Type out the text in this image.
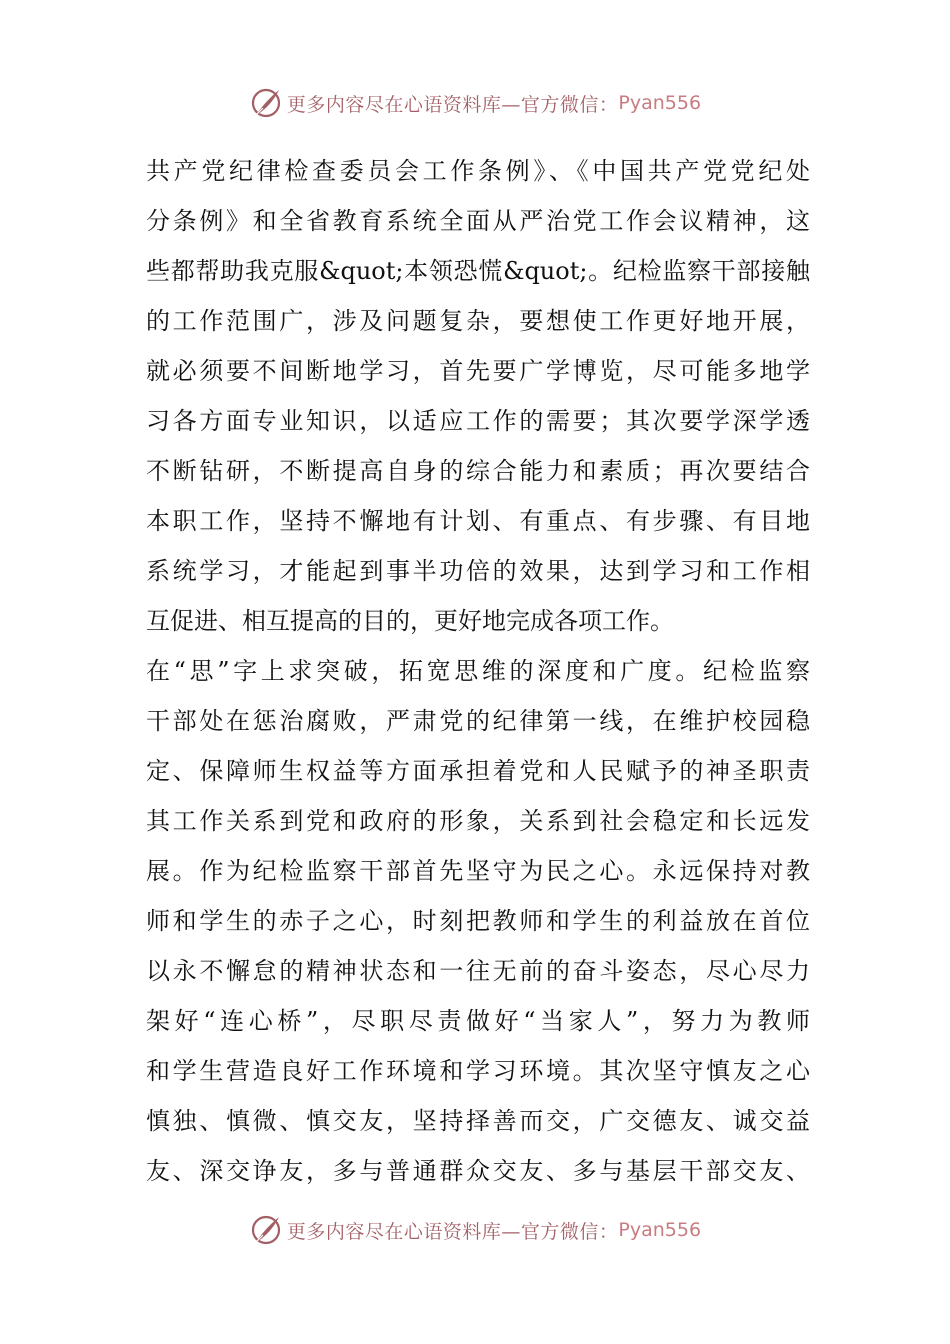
更多内容尽在心语资料库—官方微信： Pyan556
共产党纪律检查委员会工作条例》、《中国共产党党纪处
分条例》和全省教育系统全面从严治党工作会议精神，这
些都帮助我克服&quot;本领恐慌&quot;。纪检监察干部接触
的工作范围广，涉及问题复杂，要想使工作更好地开展，
就必须要不间断地学习，首先要广学博览，尽可能多地学
习各方面专业知识，以适应工作的需要；其次要学深学透
不断钻研，不断提高自身的综合能力和素质；再次要结合
本职工作，坚持不懈地有计划、有重点、有步骤、有目地
系统学习，才能起到事半功倍的效果，达到学习和工作相
互促进、相互提高的目的，更好地完成各项工作。
在“思”字上求突破，拓宽思维的深度和广度。纪检监察
干部处在惩治腐败，严肃党的纪律第一线，在维护校园稳
定、保障师生权益等方面承担着党和人民赋予的神圣职责
其工作关系到党和政府的形象，关系到社会稳定和长远发
展。作为纪检监察干部首先坚守为民之心。永远保持对教
师和学生的赤子之心，时刻把教师和学生的利益放在首位
以永不懈怠的精神状态和一往无前的奋斗姿态，尽心尽力
架好“连心桥”，尽职尽责做好“当家人”，努力为教师
和学生营造良好工作环境和学习环境。其次坚守慎友之心
慎独、慎微、慎交友，坚持择善而交，广交德友、诚交益
友、深交诤友，多与普通群众交友、多与基层干部交友、
更多内容尽在心语资料库—官方微信： Pyan556
